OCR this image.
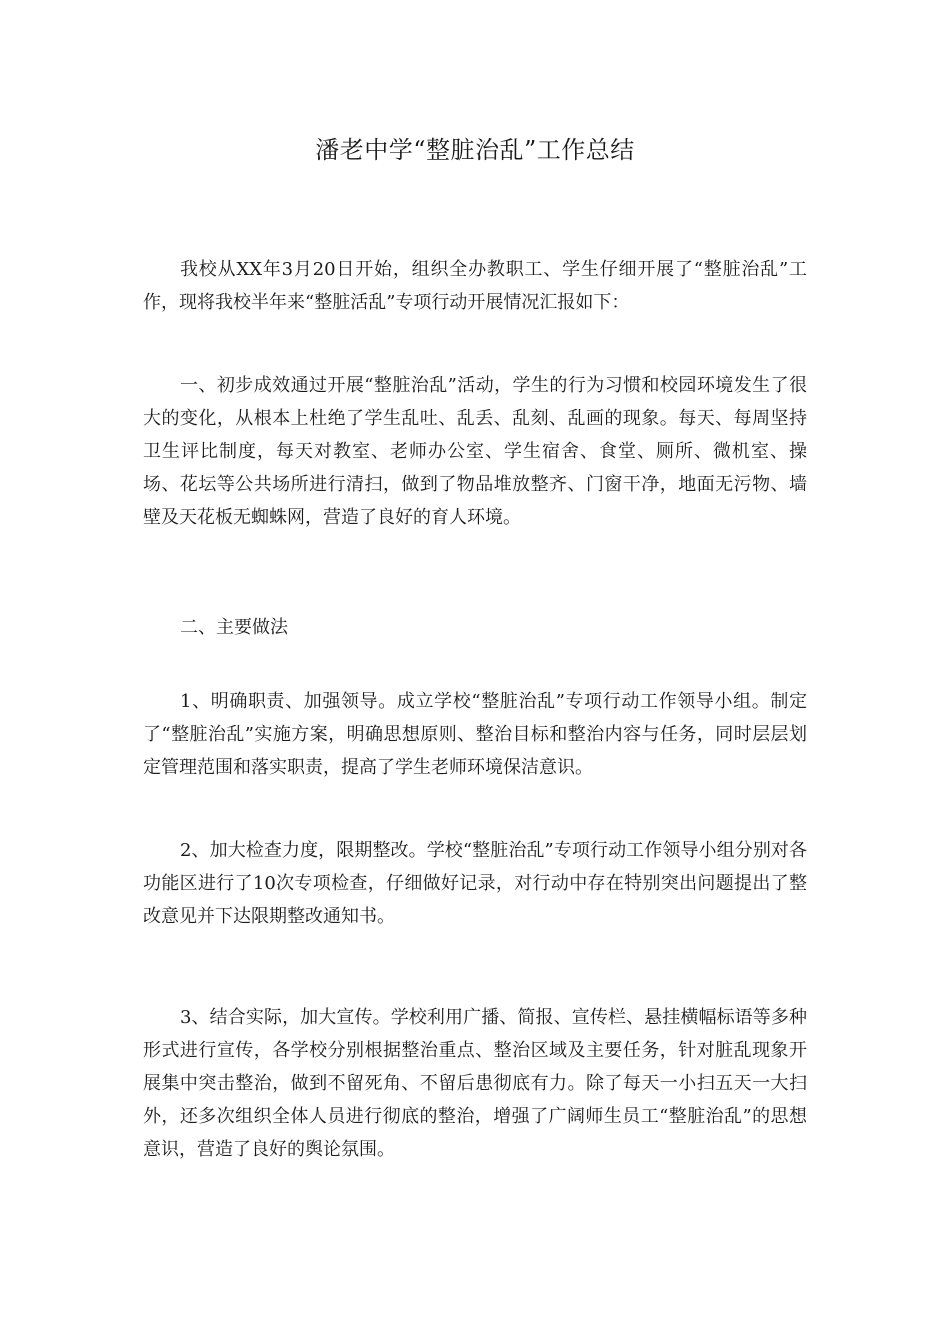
潘老中学“整脏治乱”工作总结

我校从XX年3月20日开始，组织全办教职工、学生仔细开展了“整脏治乱”工作，现将我校半年来“整脏活乱”专项行动开展情况汇报如下：

一、初步成效通过开展“整脏治乱”活动，学生的行为习惯和校园环境发生了很大的变化，从根本上杜绝了学生乱吐、乱丢、乱刻、乱画的现象。每天、每周坚持卫生评比制度，每天对教室、老师办公室、学生宿舍、食堂、厕所、微机室、操场、花坛等公共场所进行清扫，做到了物品堆放整齐、门窗干净，地面无污物、墙壁及天花板无蜘蛛网，营造了良好的育人环境。

二、主要做法

1、明确职责、加强领导。成立学校“整脏治乱”专项行动工作领导小组。制定了“整脏治乱”实施方案，明确思想原则、整治目标和整治内容与任务，同时层层划定管理范围和落实职责，提高了学生老师环境保洁意识。

2、加大检查力度，限期整改。学校“整脏治乱”专项行动工作领导小组分别对各功能区进行了10次专项检查，仔细做好记录，对行动中存在特别突出问题提出了整改意见并下达限期整改通知书。

3、结合实际，加大宣传。学校利用广播、简报、宣传栏、悬挂横幅标语等多种形式进行宣传，各学校分别根据整治重点、整治区域及主要任务，针对脏乱现象开展集中突击整治，做到不留死角、不留后患彻底有力。除了每天一小扫五天一大扫外，还多次组织全体人员进行彻底的整治，增强了广阔师生员工“整脏治乱”的思想意识，营造了良好的舆论氛围。
